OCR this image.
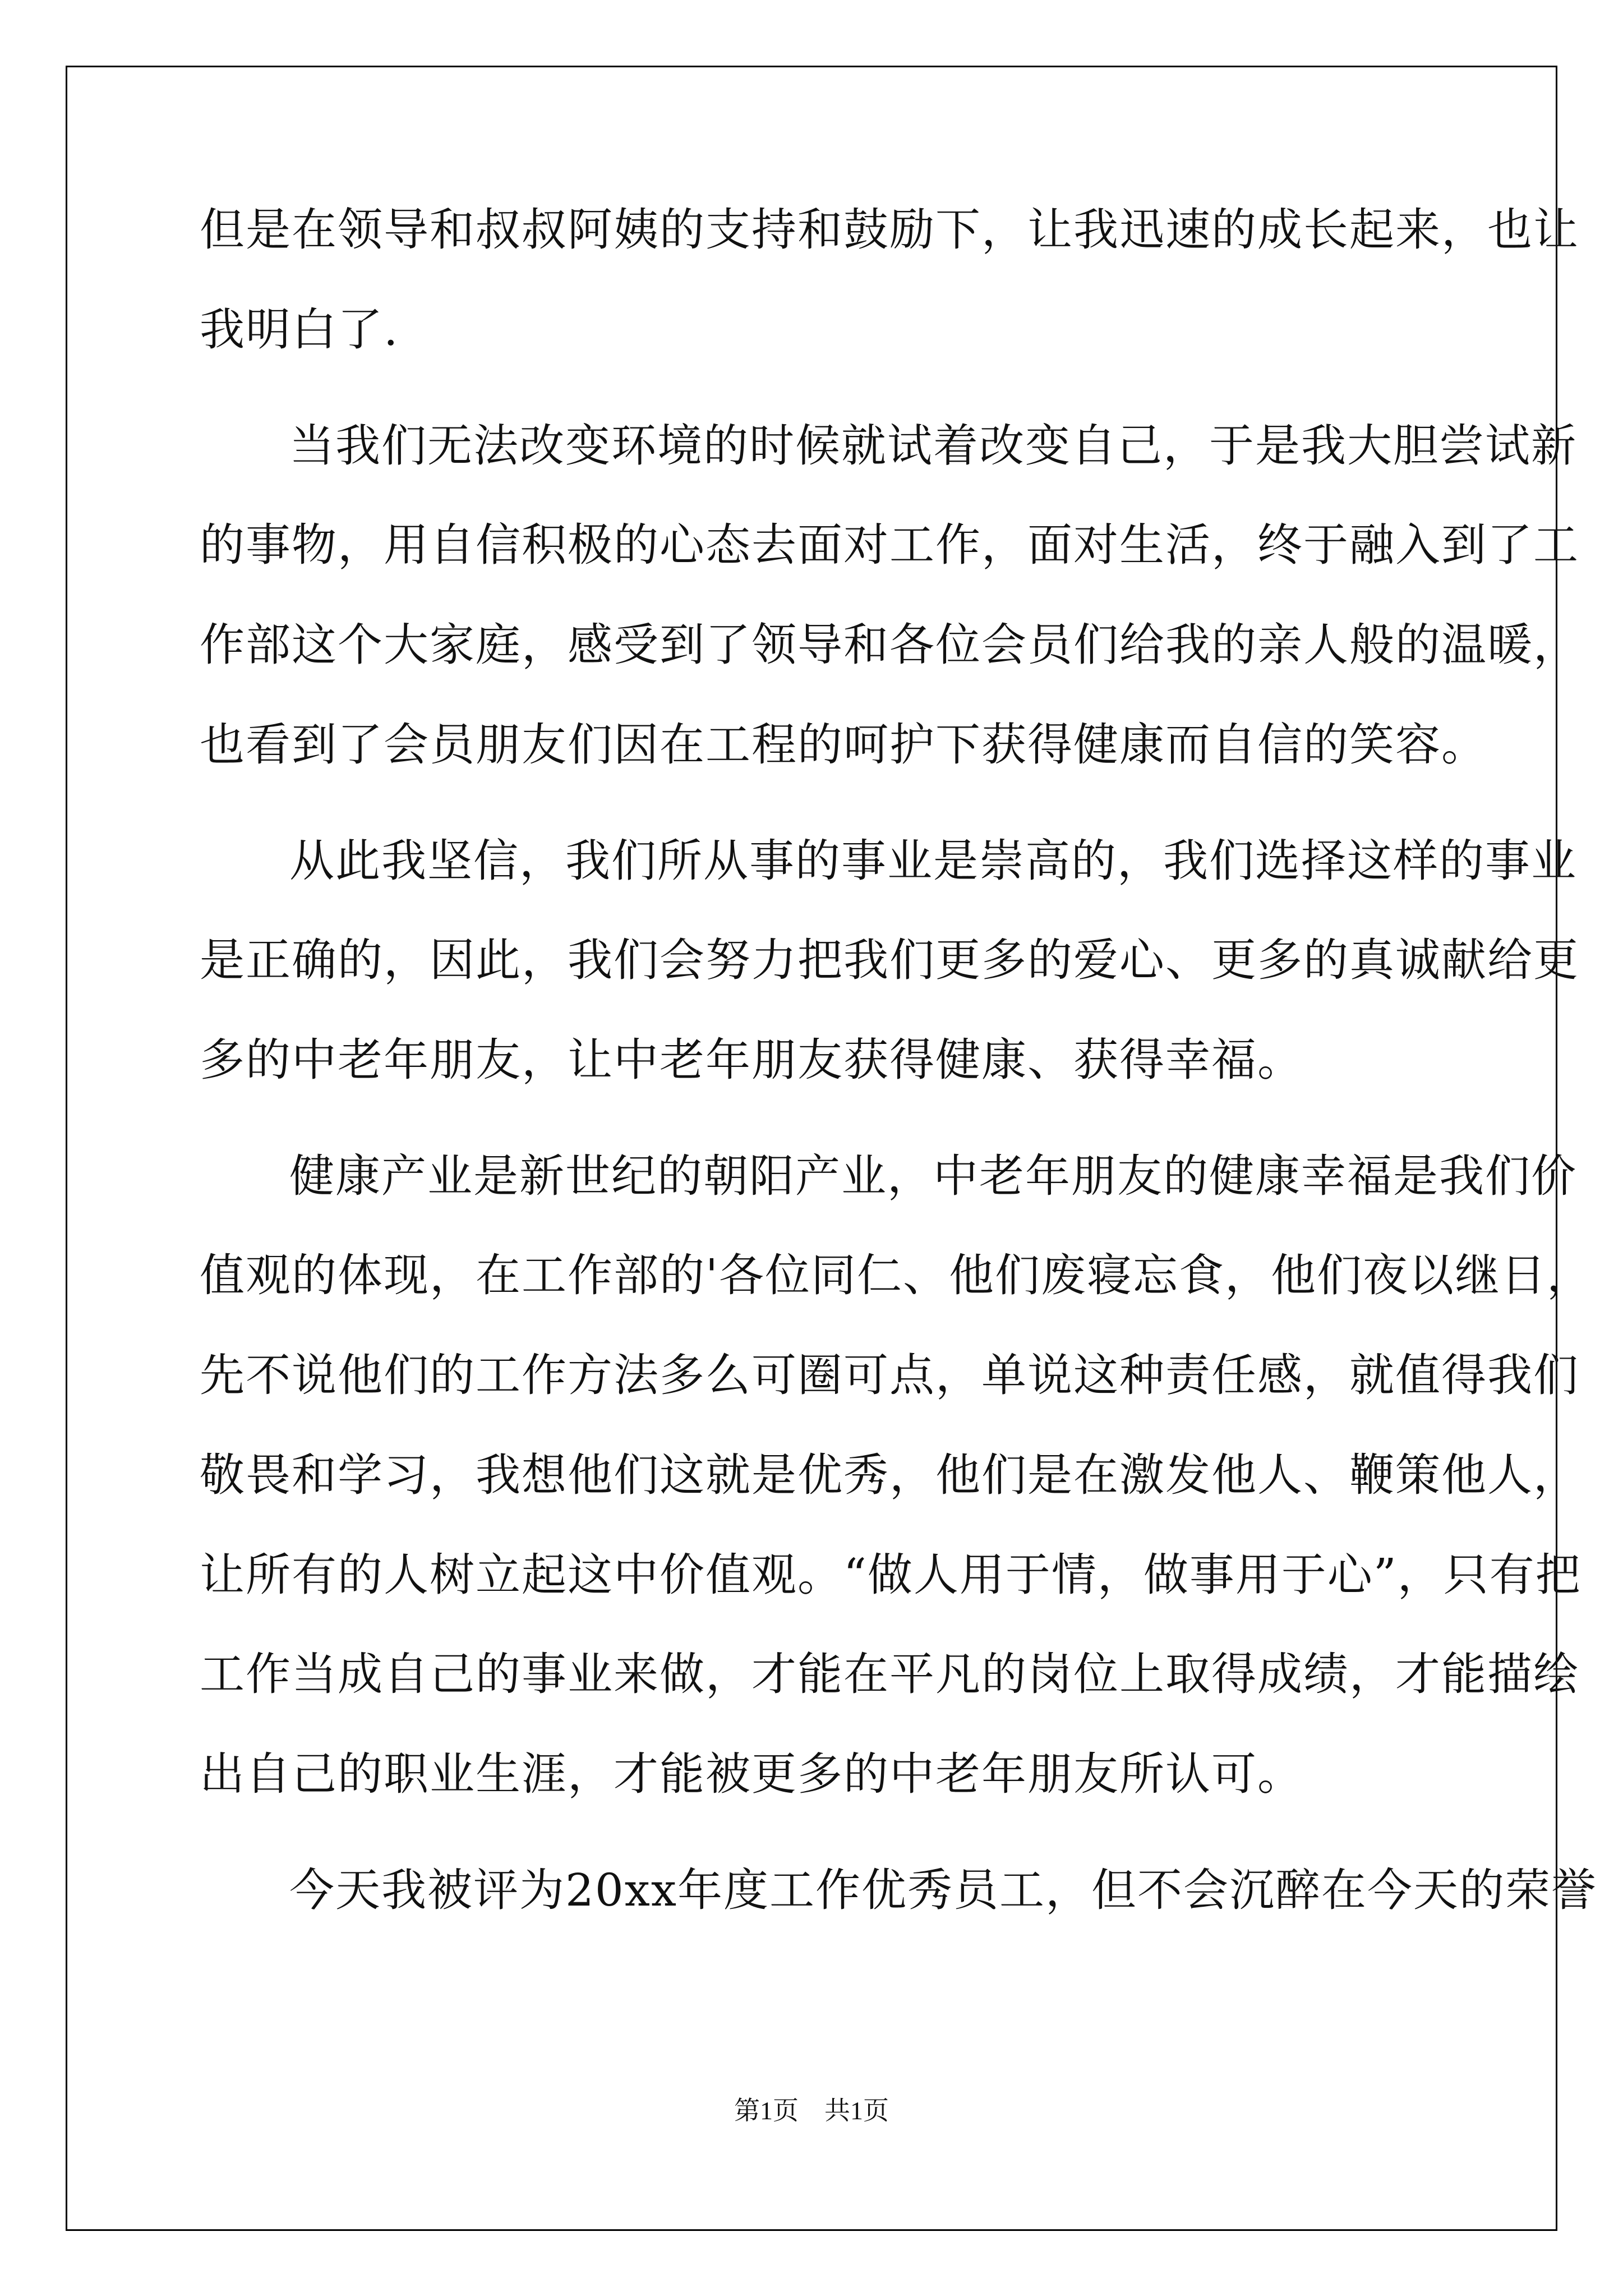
但是在领导和叔叔阿姨的支持和鼓励下，让我迅速的成长起来，也让
我明白了.
当我们无法改变环境的时候就试着改变自己，于是我大胆尝试新
的事物，用自信积极的心态去面对工作，面对生活，终于融入到了工
作部这个大家庭，感受到了领导和各位会员们给我的亲人般的温暖，
也看到了会员朋友们因在工程的呵护下获得健康而自信的笑容。
从此我坚信，我们所从事的事业是崇高的，我们选择这样的事业
是正确的，因此，我们会努力把我们更多的爱心、更多的真诚献给更
多的中老年朋友，让中老年朋友获得健康、获得幸福。
健康产业是新世纪的朝阳产业，中老年朋友的健康幸福是我们价
值观的体现，在工作部的'各位同仁、他们废寝忘食，他们夜以继日，
先不说他们的工作方法多么可圈可点，单说这种责任感，就值得我们
敬畏和学习，我想他们这就是优秀，他们是在激发他人、鞭策他人，
让所有的人树立起这中价值观。“做人用于情，做事用于心”，只有把
工作当成自己的事业来做，才能在平凡的岗位上取得成绩，才能描绘
出自己的职业生涯，才能被更多的中老年朋友所认可。
今天我被评为20xx年度工作优秀员工，但不会沉醉在今天的荣誉
第1页 共1页
